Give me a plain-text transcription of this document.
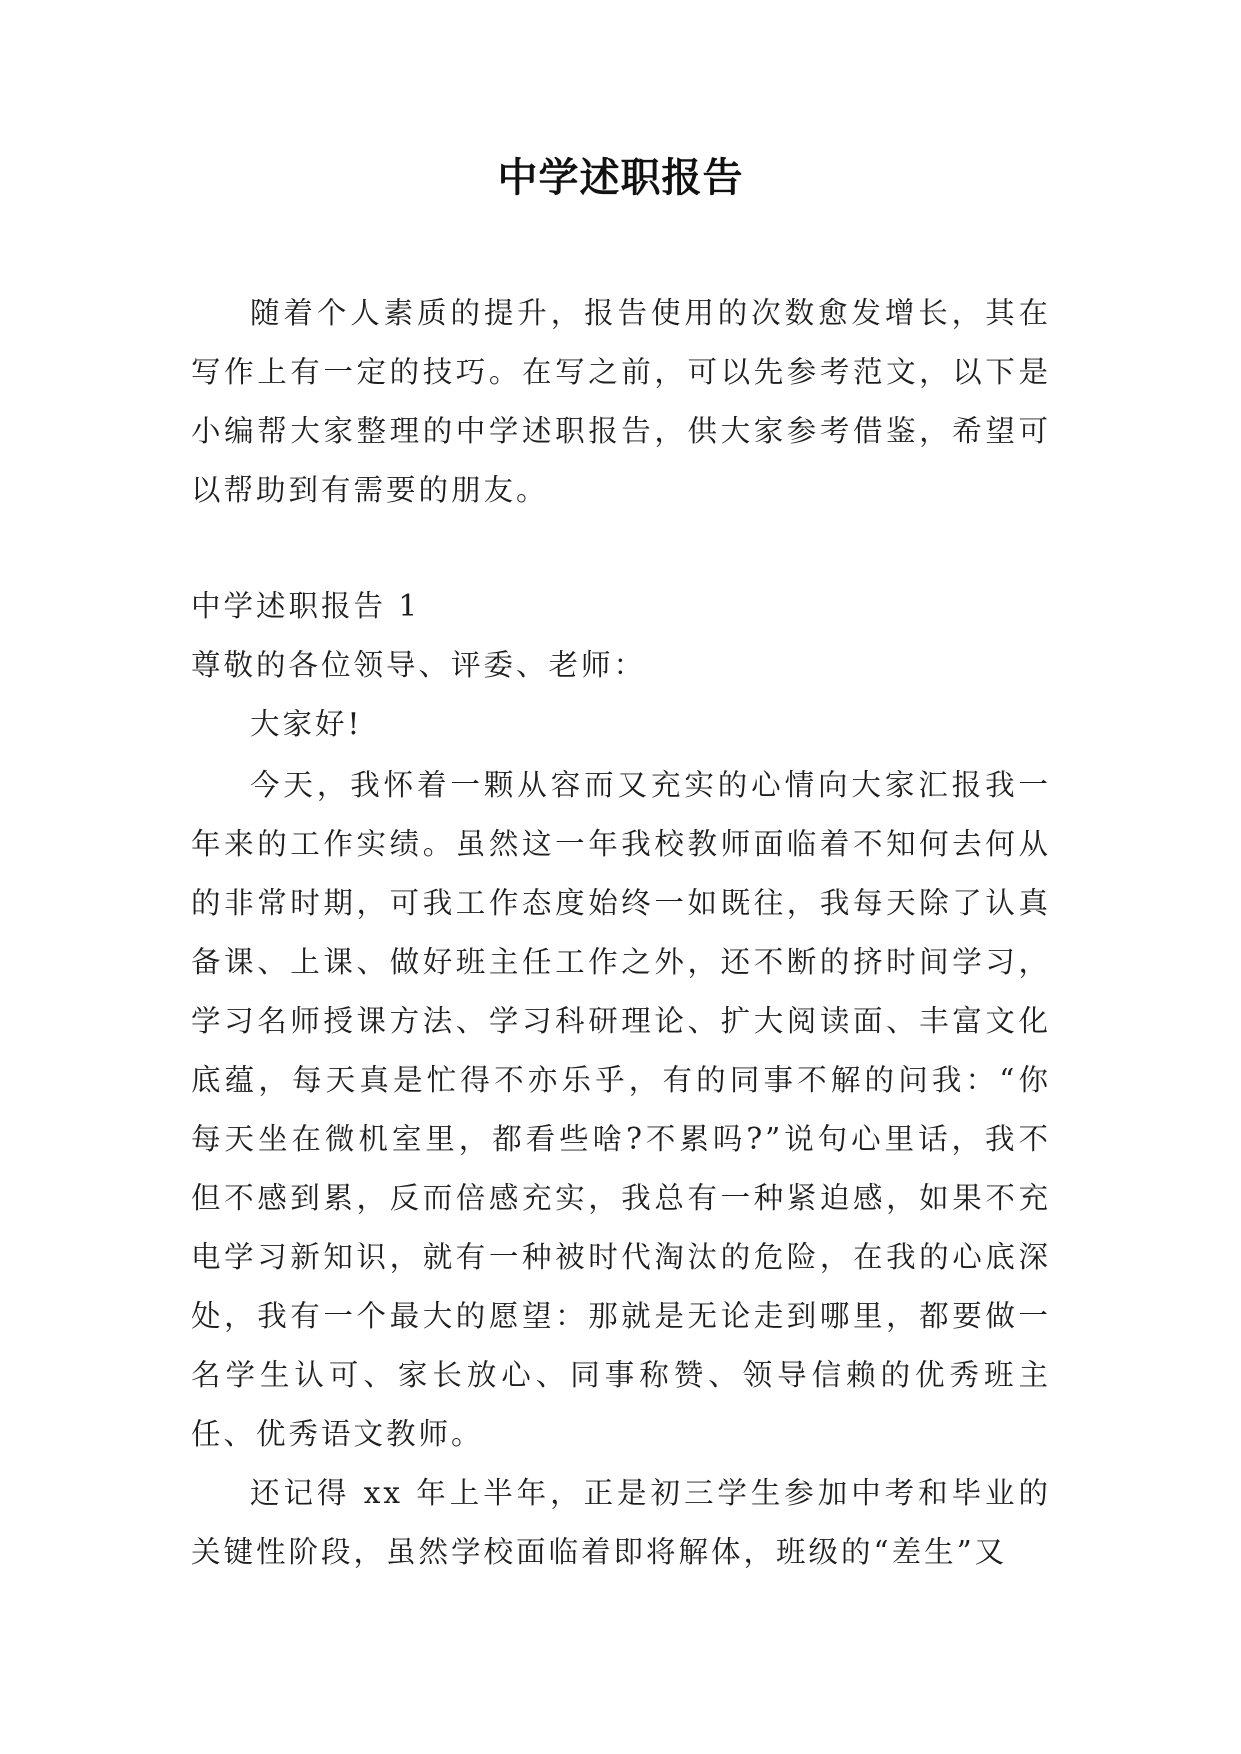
中学述职报告

随着个人素质的提升，报告使用的次数愈发增长，其在写作上有一定的技巧。在写之前，可以先参考范文，以下是小编帮大家整理的中学述职报告，供大家参考借鉴，希望可以帮助到有需要的朋友。

中学述职报告 1

尊敬的各位领导、评委、老师：

大家好!

今天，我怀着一颗从容而又充实的心情向大家汇报我一年来的工作实绩。虽然这一年我校教师面临着不知何去何从的非常时期，可我工作态度始终一如既往，我每天除了认真备课、上课、做好班主任工作之外，还不断的挤时间学习，学习名师授课方法、学习科研理论、扩大阅读面、丰富文化底蕴，每天真是忙得不亦乐乎，有的同事不解的问我：“你每天坐在微机室里，都看些啥?不累吗?”说句心里话，我不但不感到累，反而倍感充实，我总有一种紧迫感，如果不充电学习新知识，就有一种被时代淘汰的危险，在我的心底深处，我有一个最大的愿望：那就是无论走到哪里，都要做一名学生认可、家长放心、同事称赞、领导信赖的优秀班主任、优秀语文教师。

还记得 xx 年上半年，正是初三学生参加中考和毕业的关键性阶段，虽然学校面临着即将解体，班级的“差生”又
